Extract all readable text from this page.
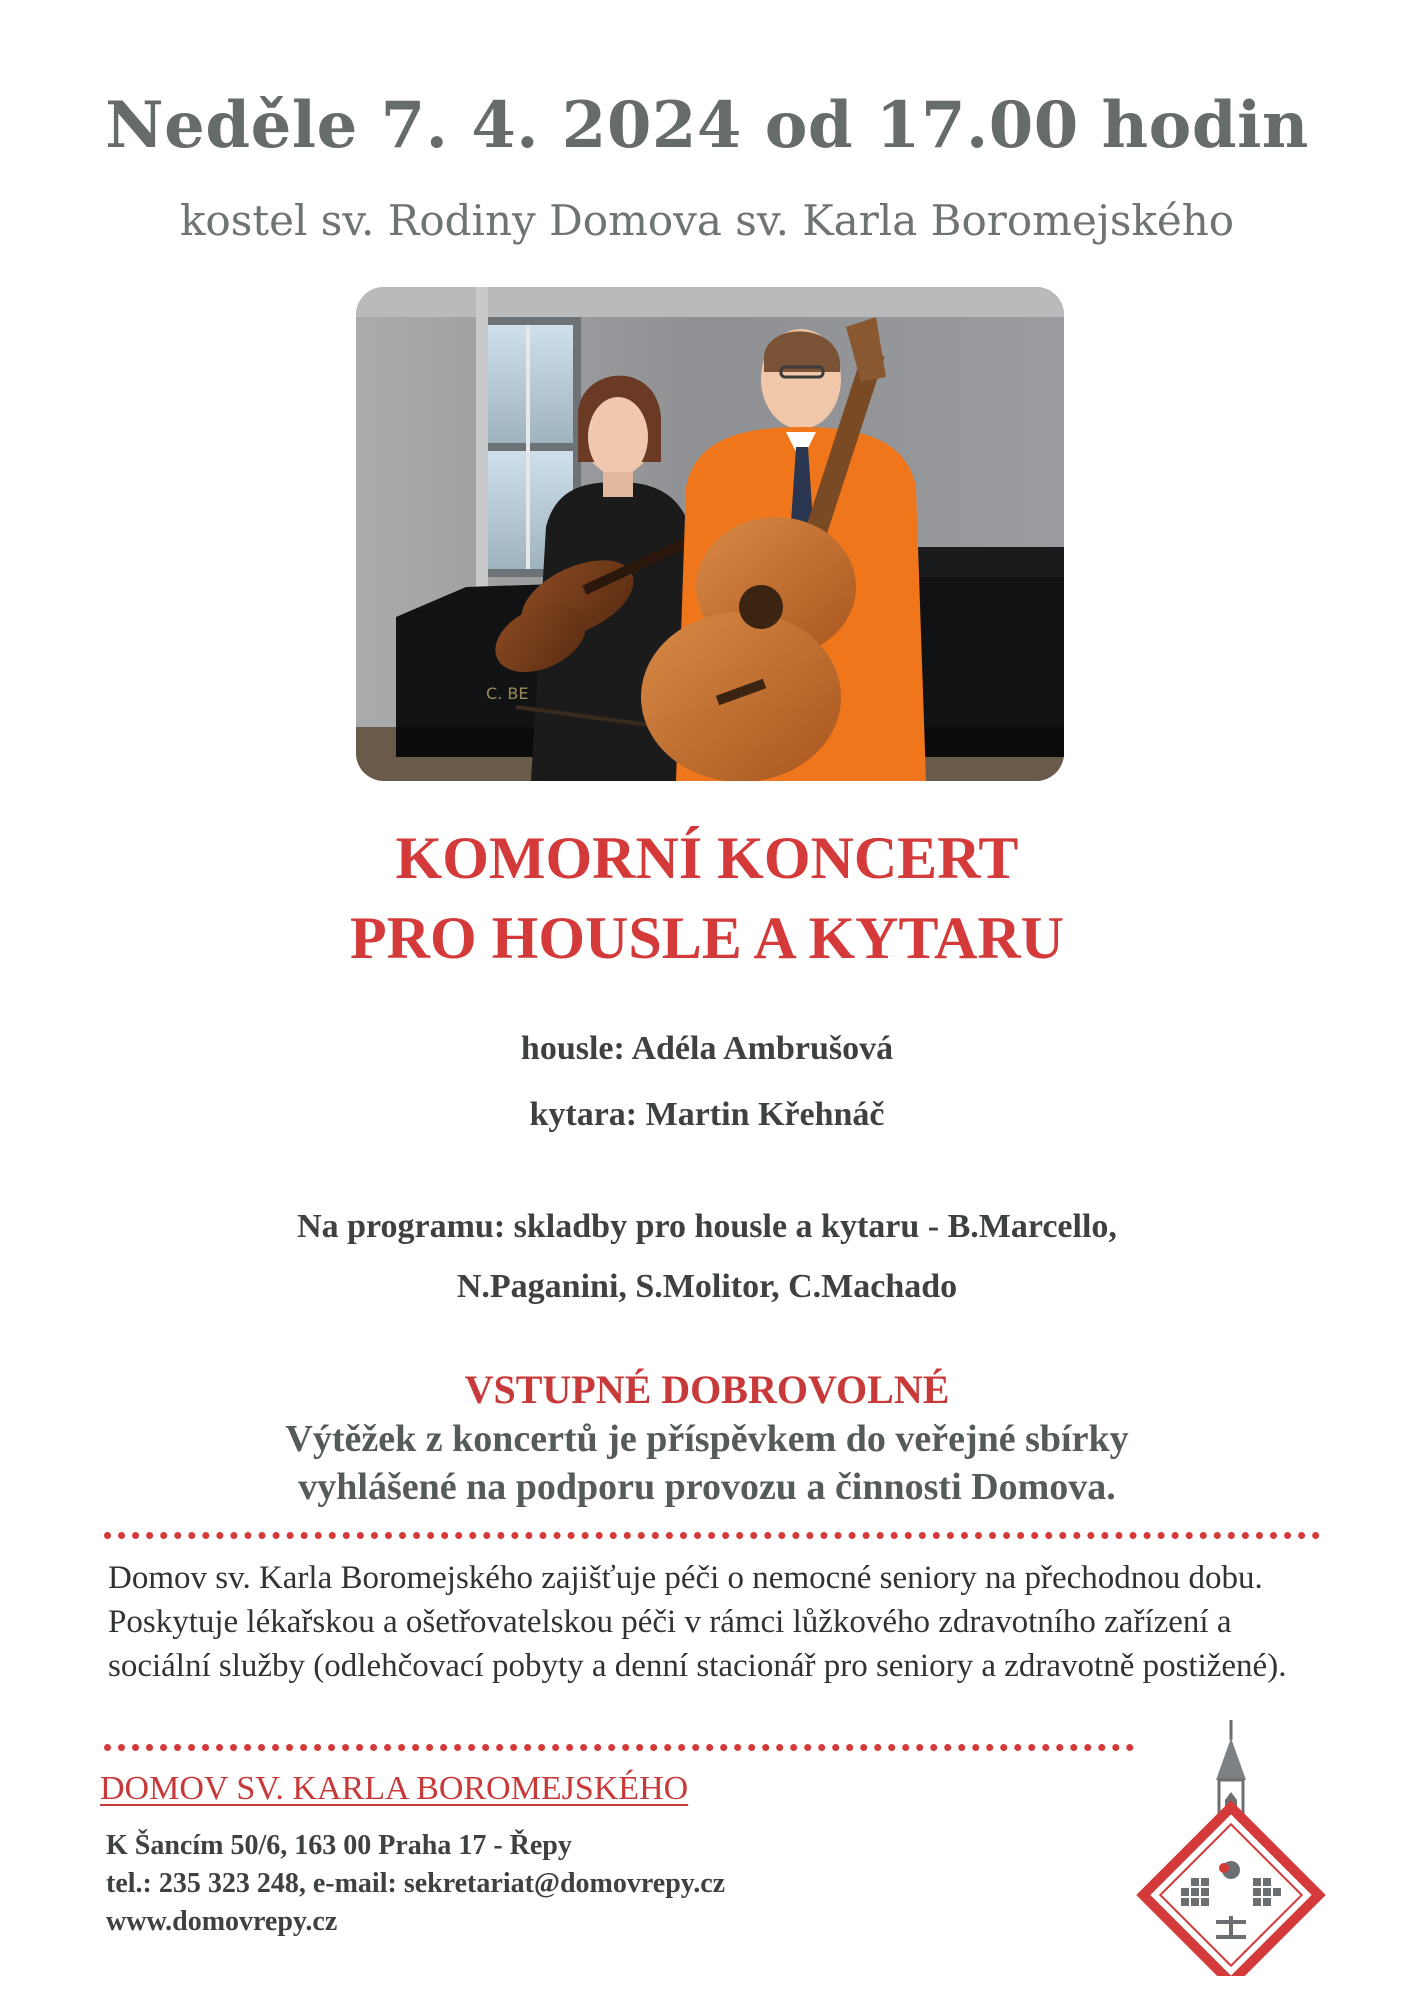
Neděle 7. 4. 2024 od 17.00 hodin
kostel sv. Rodiny Domova sv. Karla Boromejského
C. BE
KOMORNÍ KONCERT
PRO HOUSLE A KYTARU
housle: Adéla Ambrušová
kytara: Martin Křehnáč
Na programu: skladby pro housle a kytaru - B.Marcello,
N.Paganini, S.Molitor, C.Machado
VSTUPNÉ DOBROVOLNÉ
Výtěžek z koncertů je příspěvkem do veřejné sbírky
vyhlášené na podporu provozu a činnosti Domova.
Domov sv. Karla Boromejského zajišťuje péči o nemocné seniory na přechodnou dobu. Poskytuje lékařskou a ošetřovatelskou péči v rámci lůžkového zdravotního zařízení a sociální služby (odlehčovací pobyty a denní stacionář pro seniory a zdravotně postižené).
DOMOV SV. KARLA BOROMEJSKÉHO
K Šancím 50/6, 163 00 Praha 17 - Řepy
tel.: 235 323 248, e-mail: sekretariat@domovrepy.cz
www.domovrepy.cz
